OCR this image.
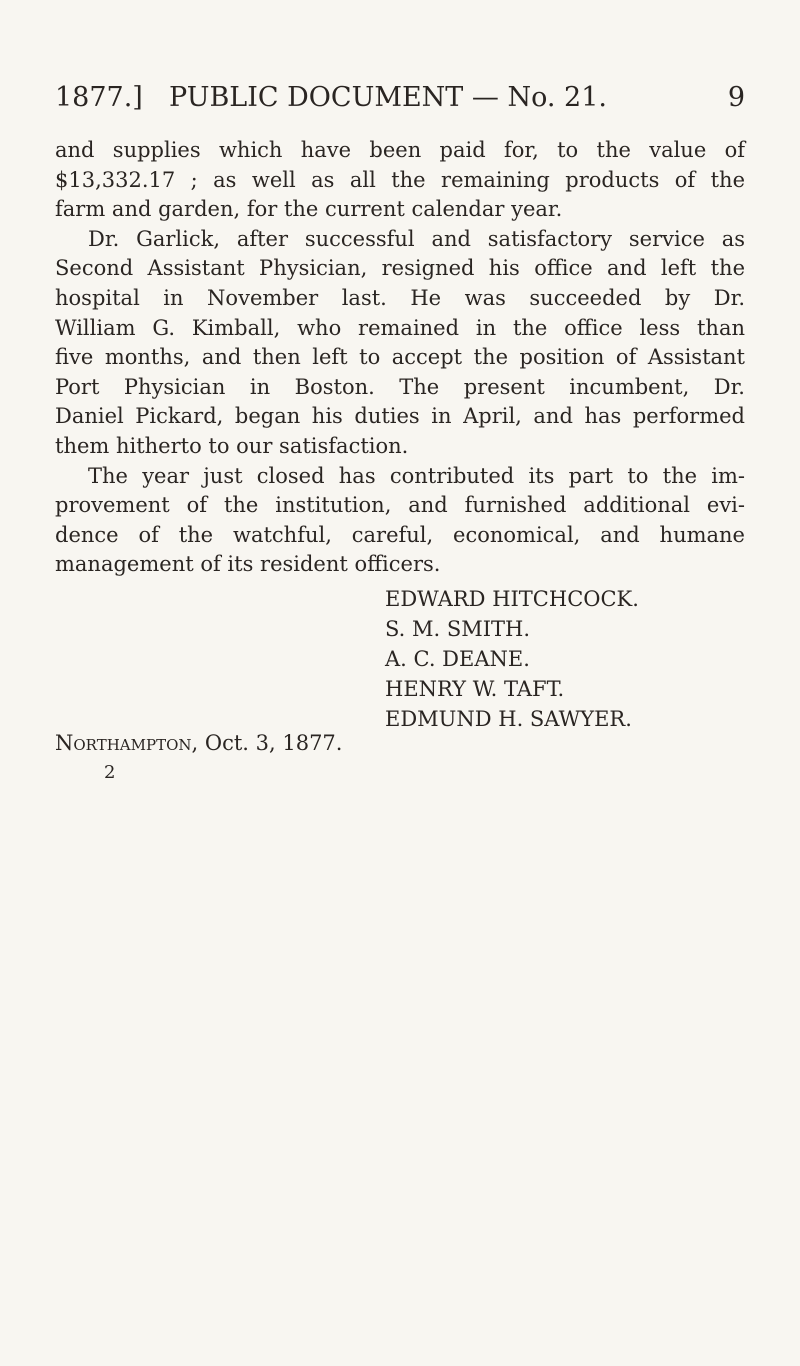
1877.] PUBLIC DOCUMENT — No. 21.	9

and supplies which have been paid for, to the value of
$13,332.17 ; as well as all the remaining products of the
farm and garden, for the current calendar year.

Dr. Garlick, after successful and satisfactory service as
Second Assistant Physician, resigned his office and left the
hospital in November last. He was succeeded by Dr.
William G. Kimball, who remained in the office less than
five months, and then left to accept the position of Assistant
Port Physician in Boston. The present incumbent, Dr.
Daniel Pickard, began his duties in April, and has performed
them hitherto to our satisfaction.

The year just closed has contributed its part to the im-
provement of the institution, and furnished additional evi-
dence of the watchful, careful, economical, and humane
management of its resident officers.

EDWARD HITCHCOCK.
S. M. SMITH.
A. C. DEANE.
HENRY W. TAFT.
EDMUND H. SAWYER.
Northampton, Oct. 3, 1877.
2
